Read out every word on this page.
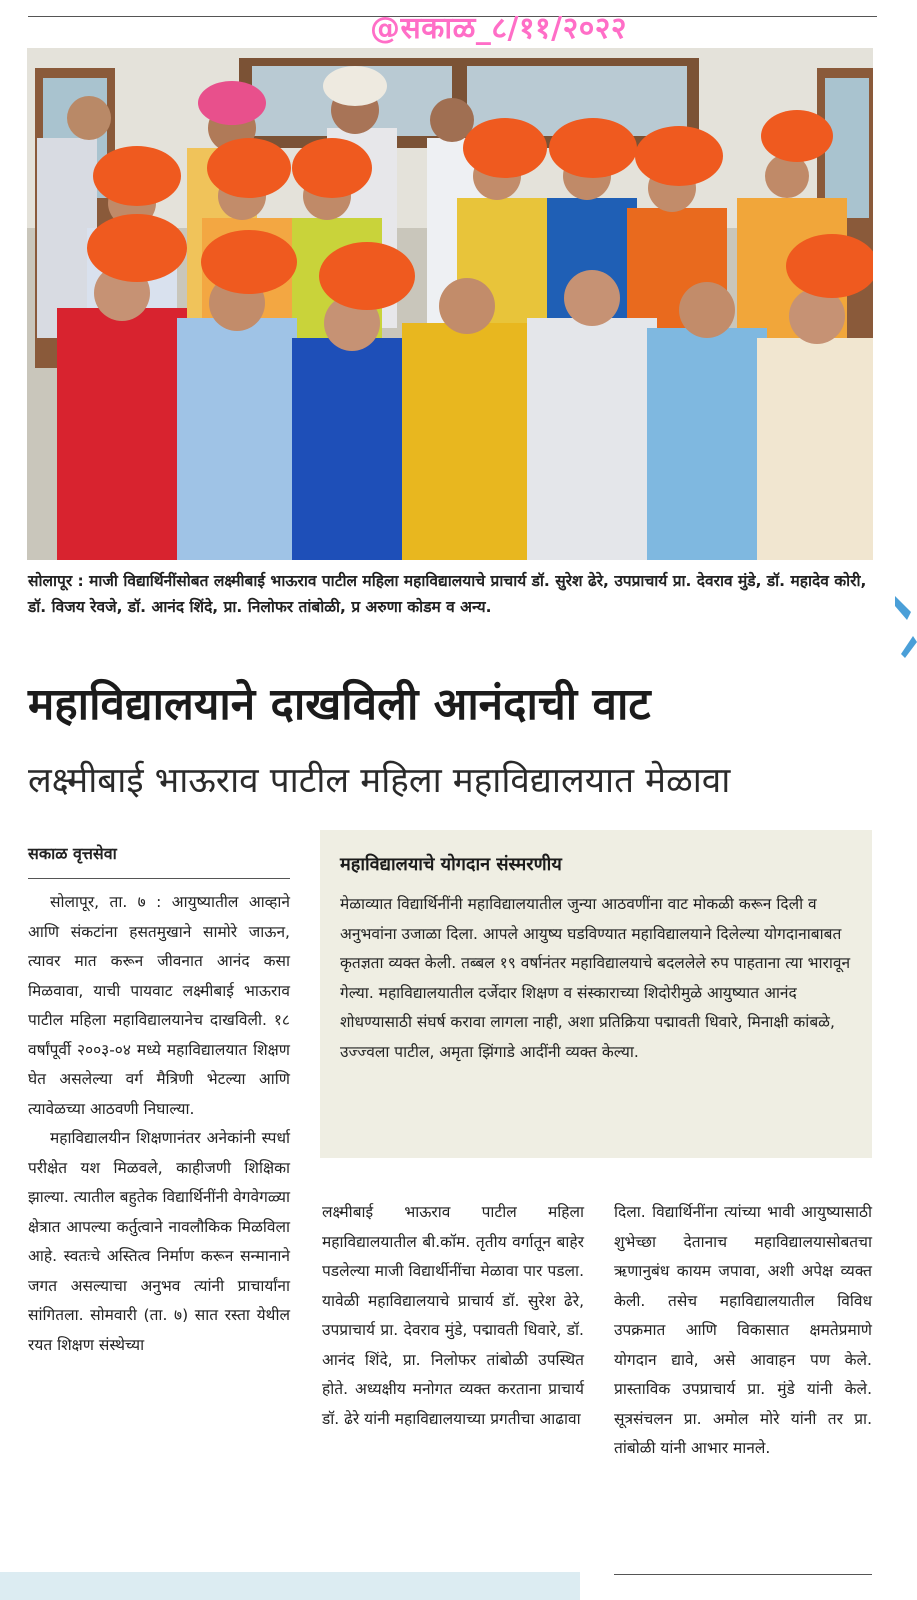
@सकाळ_८/११/२०२२
सोलापूर : माजी विद्यार्थिनींसोबत लक्ष्मीबाई भाऊराव पाटील महिला महाविद्यालयाचे प्राचार्य डॉ. सुरेश ढेरे, उपप्राचार्य प्रा. देवराव मुंडे, डॉ. महादेव कोरी, डॉ. विजय रेवजे, डॉ. आनंद शिंदे, प्रा. निलोफर तांबोळी, प्र अरुणा कोडम व अन्य.
महाविद्यालयाने दाखविली आनंदाची वाट
लक्ष्मीबाई भाऊराव पाटील महिला महाविद्यालयात मेळावा
सकाळ वृत्तसेवा

सोलापूर, ता. ७ : आयुष्यातील आव्हाने आणि संकटांना हसतमुखाने सामोरे जाऊन, त्यावर मात करून जीवनात आनंद कसा मिळवावा, याची पायवाट लक्ष्मीबाई भाऊराव पाटील महिला महाविद्यालयानेच दाखविली. १८ वर्षांपूर्वी २००३-०४ मध्ये महाविद्यालयात शिक्षण घेत असलेल्या वर्ग मैत्रिणी भेटल्या आणि त्यावेळच्या आठवणी निघाल्या.

महाविद्यालयीन शिक्षणानंतर अनेकांनी स्पर्धा परीक्षेत यश मिळवले, काहीजणी शिक्षिका झाल्या. त्यातील बहुतेक विद्यार्थिनींनी वेगवेगळ्या क्षेत्रात आपल्या कर्तुत्वाने नावलौकिक मिळविला आहे. स्वतःचे अस्तित्व निर्माण करून सन्मानाने जगत असल्याचा अनुभव त्यांनी प्राचार्यांना सांगितला. सोमवारी (ता. ७) सात रस्ता येथील रयत शिक्षण संस्थेच्या

महाविद्यालयाचे योगदान संस्मरणीय
मेळाव्यात विद्यार्थिनींनी महाविद्यालयातील जुन्या आठवणींना वाट मोकळी करून दिली व अनुभवांना उजाळा दिला. आपले आयुष्य घडविण्यात महाविद्यालयाने दिलेल्या योगदानाबाबत कृतज्ञता व्यक्त केली. तब्बल १९ वर्षानंतर महाविद्यालयाचे बदललेले रुप पाहताना त्या भारावून गेल्या. महाविद्यालयातील दर्जेदार शिक्षण व संस्काराच्या शिदोरीमुळे आयुष्यात आनंद शोधण्यासाठी संघर्ष करावा लागला नाही, अशा प्रतिक्रिया पद्मावती धिवारे, मिनाक्षी कांबळे, उज्ज्वला पाटील, अमृता झिंगाडे आदींनी व्यक्त केल्या.
लक्ष्मीबाई भाऊराव पाटील महिला महाविद्यालयातील बी.कॉम. तृतीय वर्गातून बाहेर पडलेल्या माजी विद्यार्थीनींचा मेळावा पार पडला. यावेळी महाविद्यालयाचे प्राचार्य डॉ. सुरेश ढेरे, उपप्राचार्य प्रा. देवराव मुंडे, पद्मावती धिवारे, डॉ. आनंद शिंदे, प्रा. निलोफर तांबोळी उपस्थित होते. अध्यक्षीय मनोगत व्यक्त करताना प्राचार्य डॉ. ढेरे यांनी महाविद्यालयाच्या प्रगतीचा आढावा
दिला. विद्यार्थिनींना त्यांच्या भावी आयुष्यासाठी शुभेच्छा देतानाच महाविद्यालयासोबतचा ऋणानुबंध कायम जपावा, अशी अपेक्ष व्यक्त केली. तसेच महाविद्यालयातील विविध उपक्रमात आणि विकासात क्षमतेप्रमाणे योगदान द्यावे, असे आवाहन पण केले. प्रास्ताविक उपप्राचार्य प्रा. मुंडे यांनी केले. सूत्रसंचलन प्रा. अमोल मोरे यांनी तर प्रा. तांबोळी यांनी आभार मानले.
